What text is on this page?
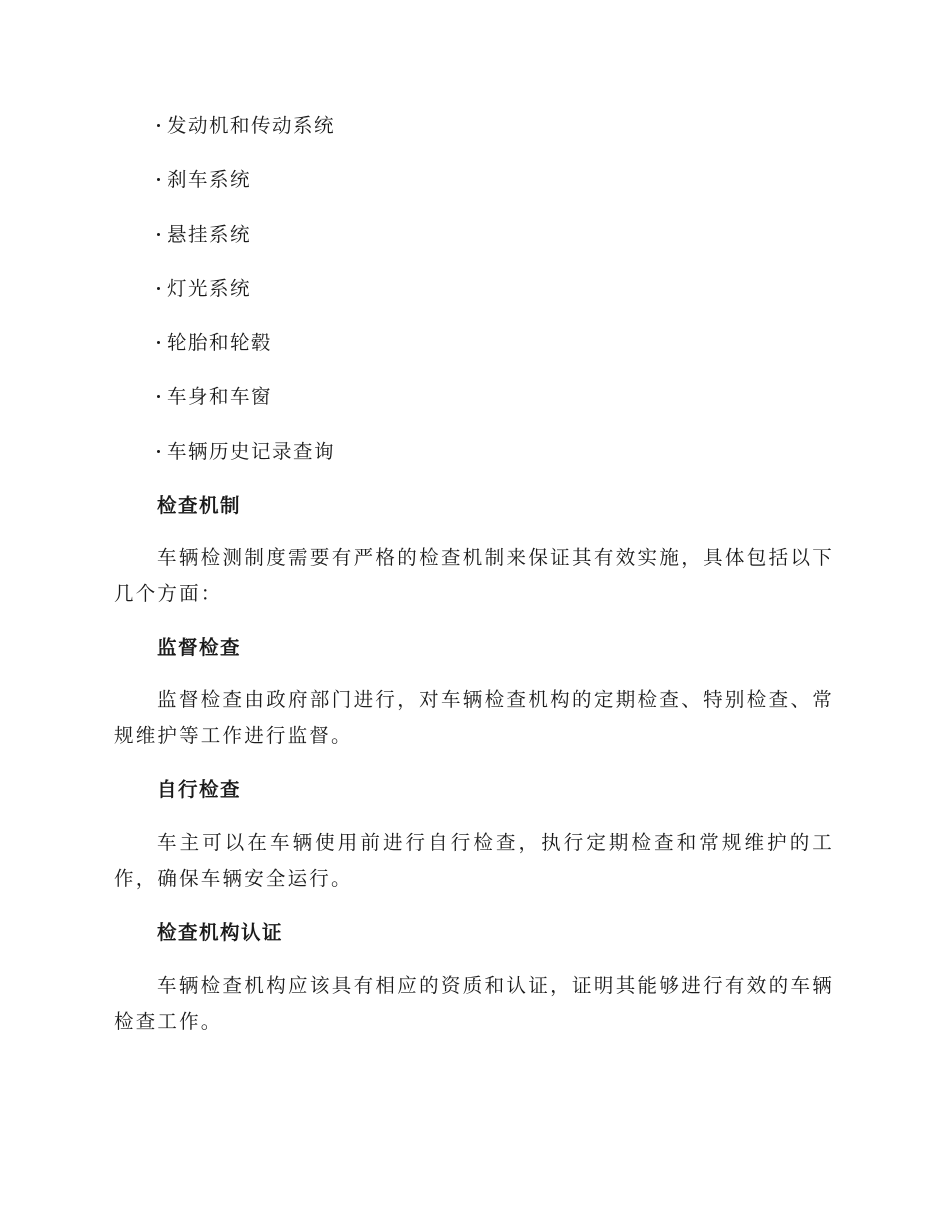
发动机和传动系统
刹车系统
悬挂系统
灯光系统
轮胎和轮毂
车身和车窗
车辆历史记录查询
检查机制

车辆检测制度需要有严格的检查机制来保证其有效实施，具体包括以下几个方面：

监督检查

监督检查由政府部门进行，对车辆检查机构的定期检查、特别检查、常规维护等工作进行监督。

自行检查

车主可以在车辆使用前进行自行检查，执行定期检查和常规维护的工作，确保车辆安全运行。

检查机构认证

车辆检查机构应该具有相应的资质和认证，证明其能够进行有效的车辆检查工作。
